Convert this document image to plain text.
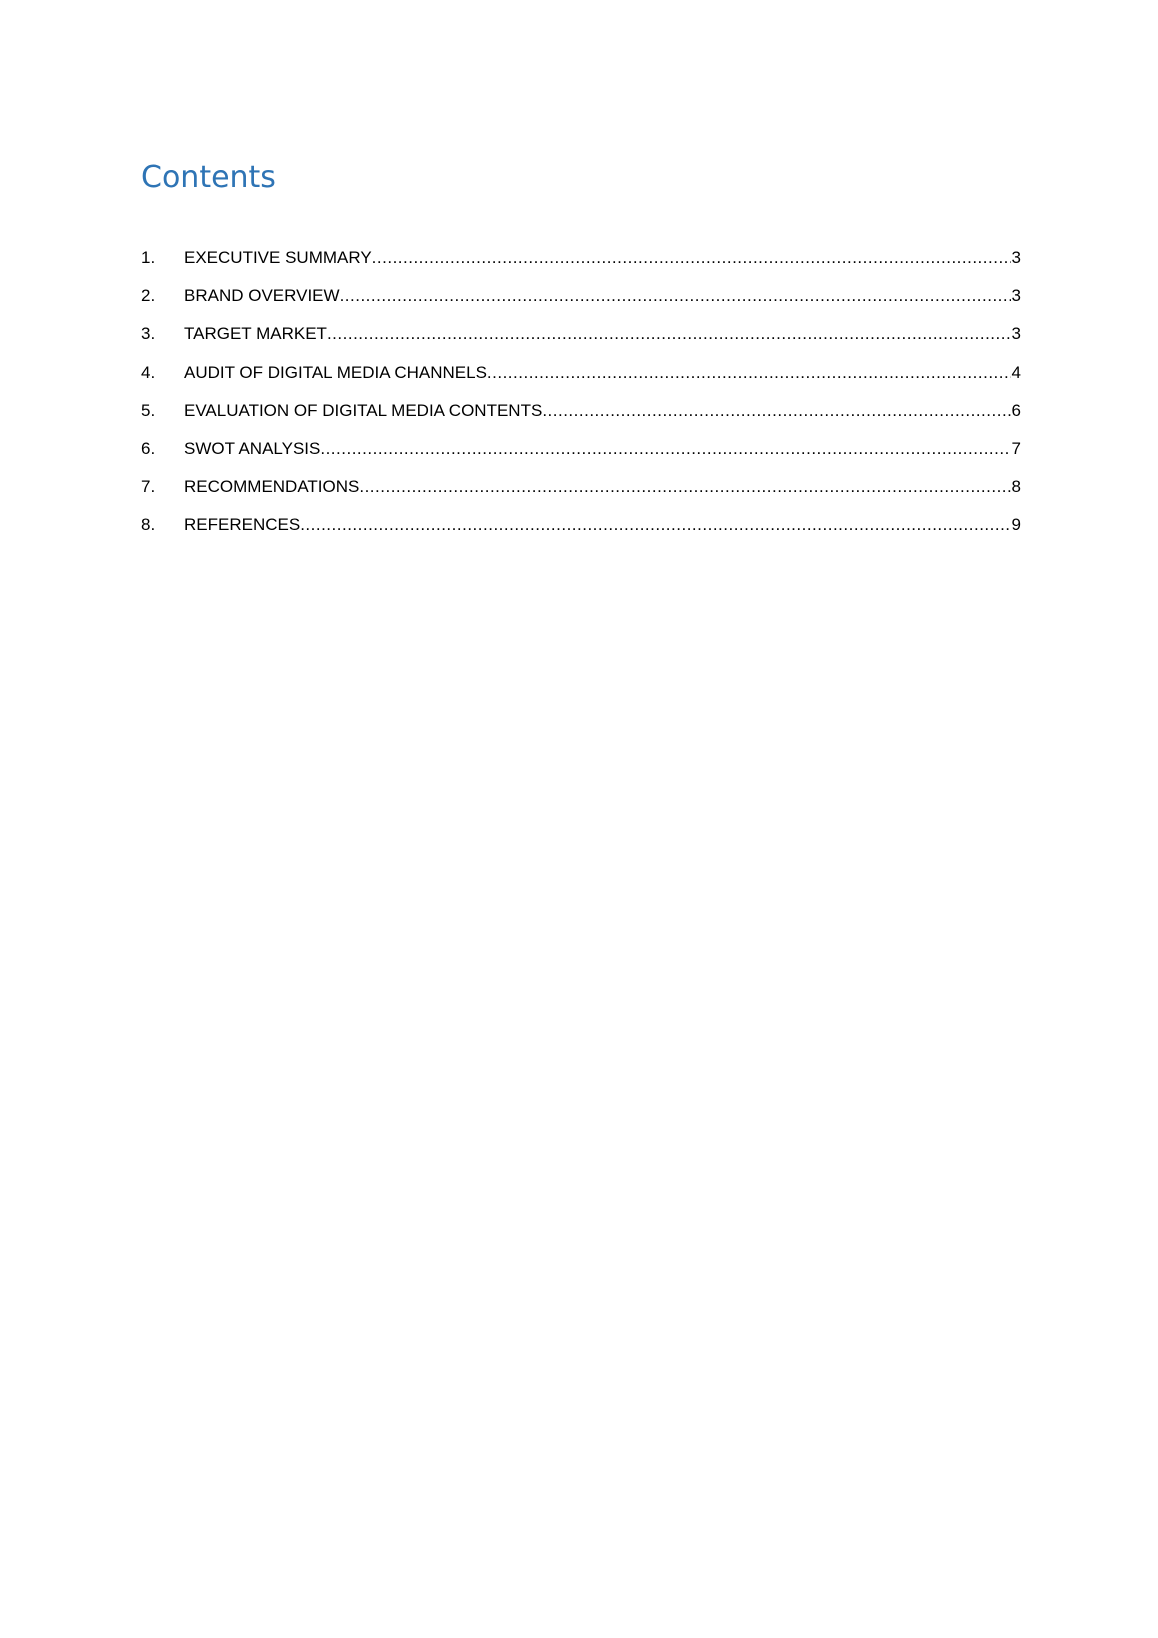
Contents
1.	EXECUTIVE SUMMARY .....	3
2.	BRAND OVERVIEW .....	3
3.	TARGET MARKET .....	3
4.	AUDIT OF DIGITAL MEDIA CHANNELS .....	4
5.	EVALUATION OF DIGITAL MEDIA CONTENTS .....	6
6.	SWOT ANALYSIS .....	7
7.	RECOMMENDATIONS .....	8
8.	REFERENCES .....	9
